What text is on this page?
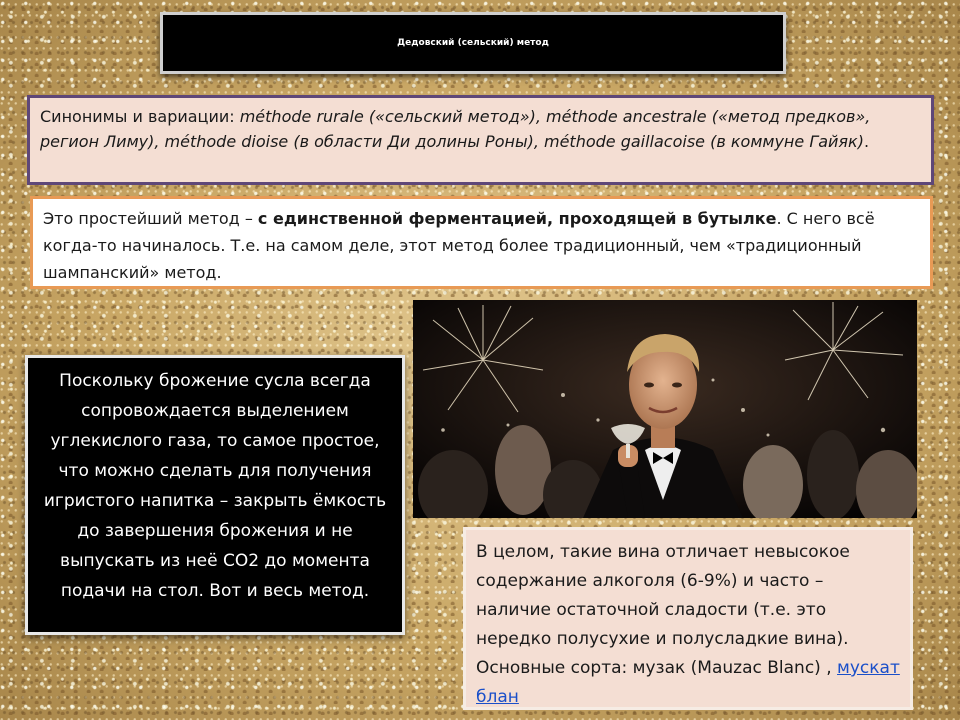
Дедовский (сельский) метод
Синонимы и вариации: méthode rurale («сельский метод»), méthode ancestrale («метод предков», регион Лиму), méthode dioise (в области Ди долины Роны), méthode gaillacoise (в коммуне Гайяк).
Это простейший метод – с единственной ферментацией, проходящей в бутылке. С него всё когда-то начиналось. Т.е. на самом деле, этот метод более традиционный, чем «традиционный шампанский» метод.
Поскольку брожение сусла всегда сопровождается выделением углекислого газа, то самое простое, что можно сделать для получения игристого напитка – закрыть ёмкость до завершения брожения и не выпускать из неё CO2 до момента подачи на стол. Вот и весь метод.
В целом, такие вина отличает невысокое содержание алкоголя (6-9%) и часто – наличие остаточной сладости (т.е. это нередко полусухие и полусладкие вина). Основные сорта: музак (Mauzac Blanc) , мускат блан
